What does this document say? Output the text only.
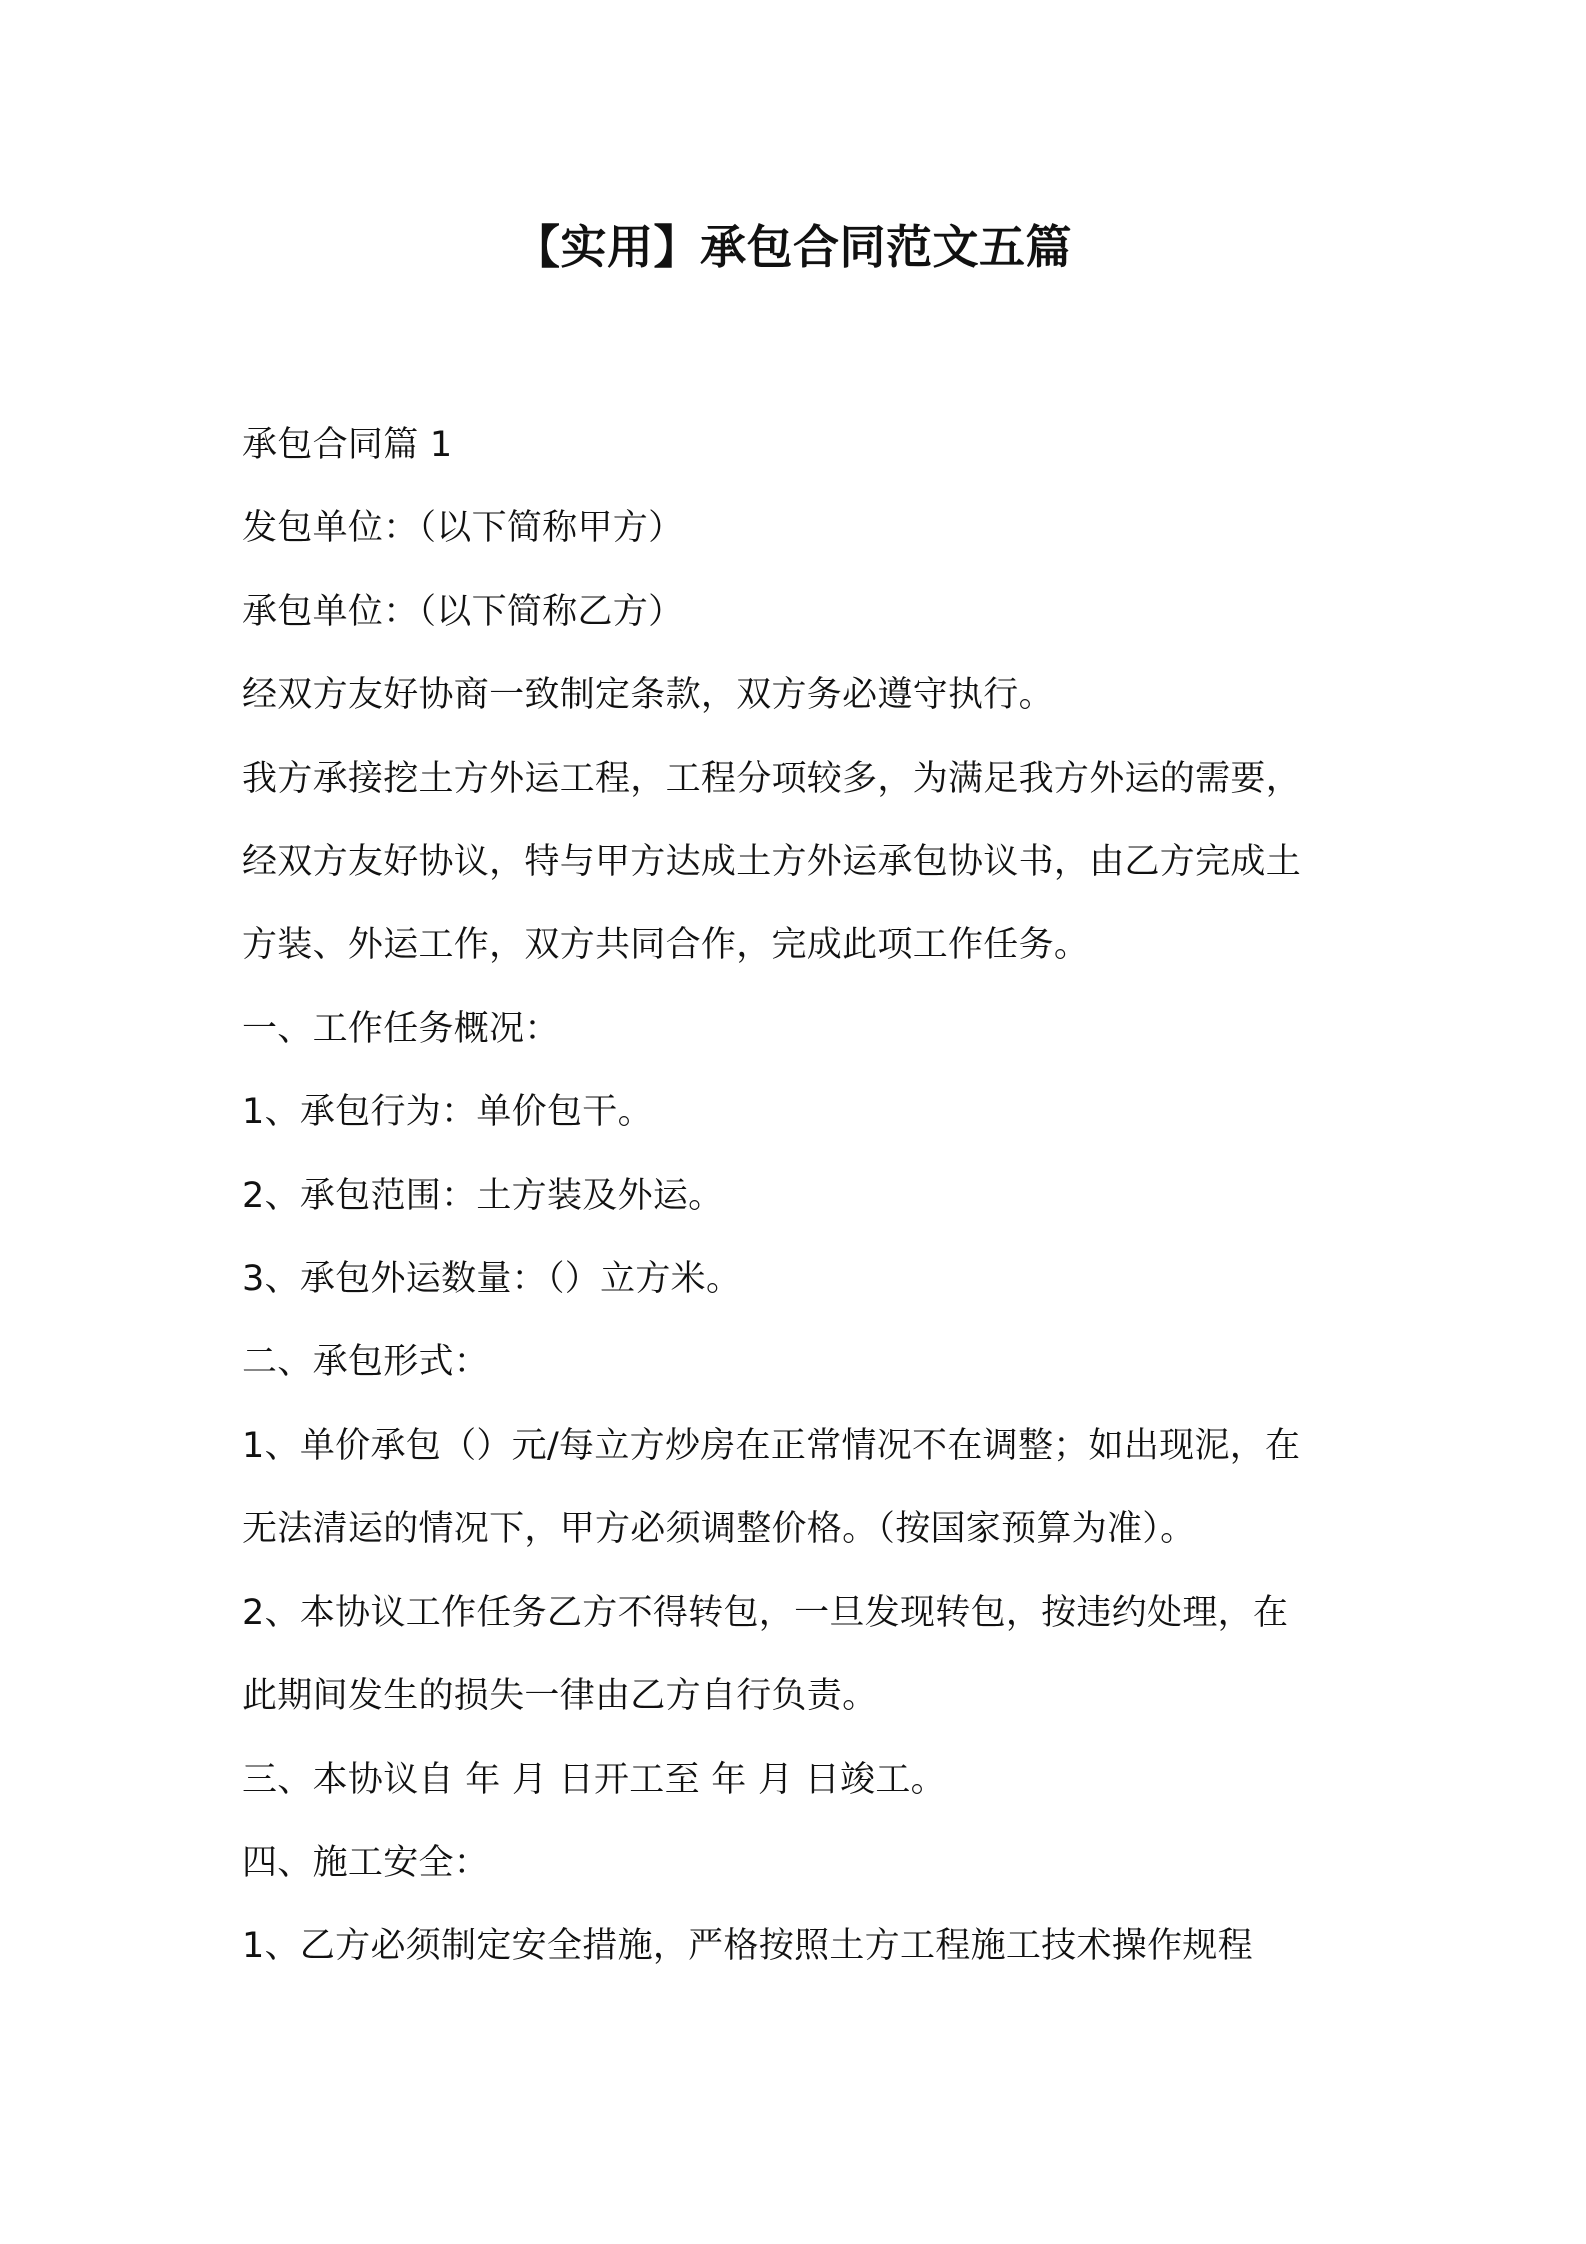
【实用】承包合同范文五篇

承包合同篇 1

发包单位：（以下简称甲方）

承包单位：（以下简称乙方）

经双方友好协商一致制定条款，双方务必遵守执行。

我方承接挖土方外运工程，工程分项较多，为满足我方外运的需要，

经双方友好协议，特与甲方达成土方外运承包协议书，由乙方完成土

方装、外运工作，双方共同合作，完成此项工作任务。

一、工作任务概况：

1、承包行为：单价包干。

2、承包范围：土方装及外运。

3、承包外运数量：（）立方米。

二、承包形式：

1、单价承包（）元/每立方炒房在正常情况不在调整；如出现泥，在

无法清运的情况下，甲方必须调整价格。（按国家预算为准）。

2、本协议工作任务乙方不得转包，一旦发现转包，按违约处理，在

此期间发生的损失一律由乙方自行负责。

三、本协议自 年 月 日开工至 年 月 日竣工。

四、施工安全：

1、乙方必须制定安全措施，严格按照土方工程施工技术操作规程
